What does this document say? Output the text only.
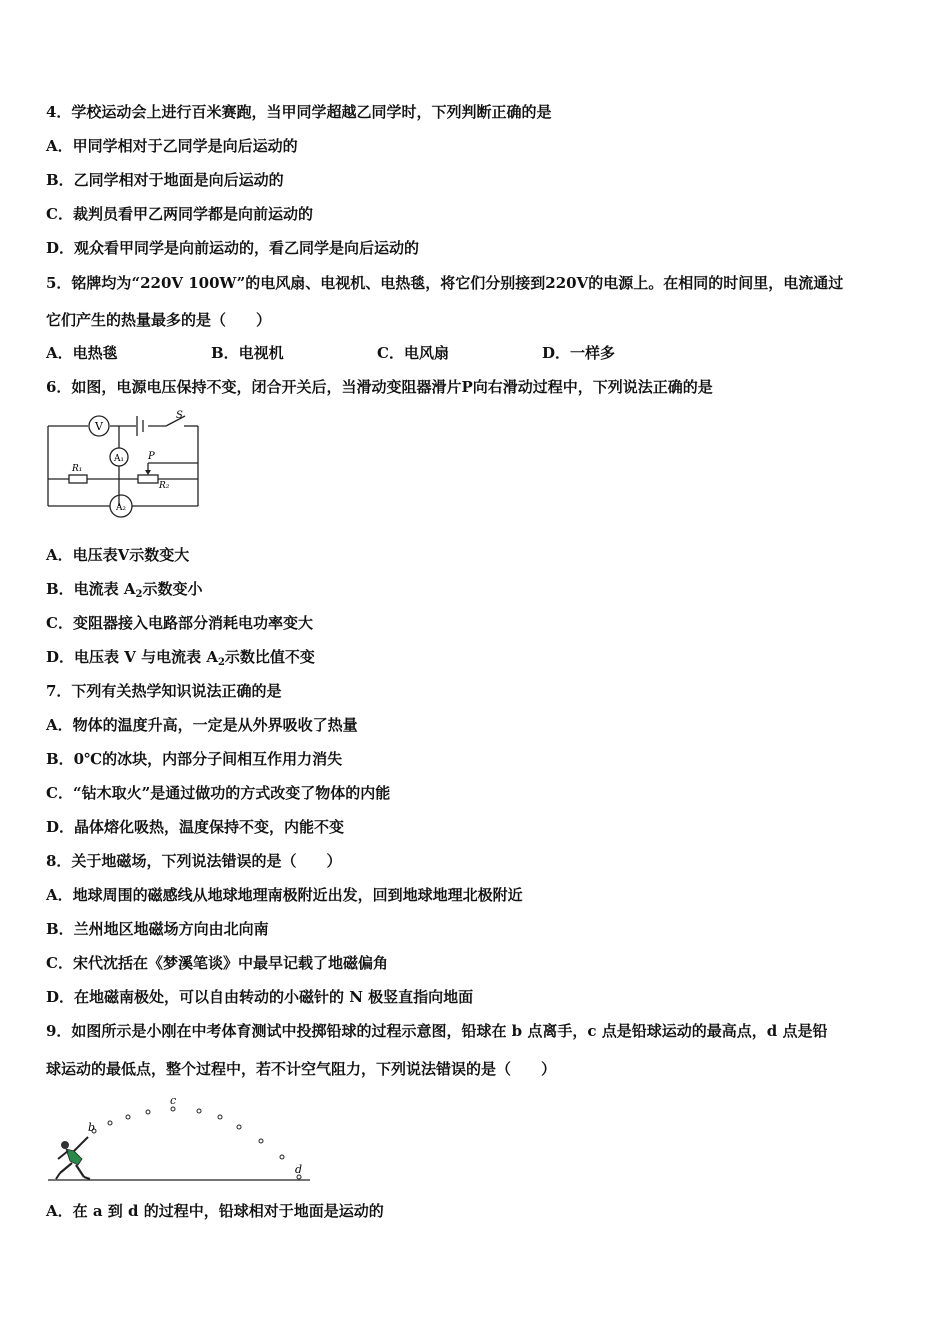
4．学校运动会上进行百米赛跑，当甲同学超越乙同学时，下列判断正确的是
A．甲同学相对于乙同学是向后运动的
B．乙同学相对于地面是向后运动的
C．裁判员看甲乙两同学都是向前运动的
D．观众看甲同学是向前运动的，看乙同学是向后运动的
5．铭牌均为“220V 100W”的电风扇、电视机、电热毯，将它们分别接到220V的电源上。在相同的时间里，电流通过
它们产生的热量最多的是（　　）
A．电热毯	B．电视机	C．电风扇	D．一样多
6．如图，电源电压保持不变，闭合开关后，当滑动变阻器滑片P向右滑动过程中，下列说法正确的是
V
S
A₁ P
R₁
R₂
A₂
A．电压表V示数变大
B．电流表 $A_2$示数变小
C．变阻器接入电路部分消耗电功率变大
D．电压表 V 与电流表 $A_2$示数比值不变
7．下列有关热学知识说法正确的是
A．物体的温度升高，一定是从外界吸收了热量
B．0℃的冰块，内部分子间相互作用力消失
C．“钻木取火”是通过做功的方式改变了物体的内能
D．晶体熔化吸热，温度保持不变，内能不变
8．关于地磁场，下列说法错误的是（　　）
A．地球周围的磁感线从地球地理南极附近出发，回到地球地理北极附近
B．兰州地区地磁场方向由北向南
C．宋代沈括在《梦溪笔谈》中最早记载了地磁偏角
D．在地磁南极处，可以自由转动的小磁针的 N 极竖直指向地面
9．如图所示是小刚在中考体育测试中投掷铅球的过程示意图，铅球在 b 点离手，c 点是铅球运动的最高点，d 点是铅
球运动的最低点，整个过程中，若不计空气阻力，下列说法错误的是（　　）
b
c
d
A．在 a 到 d 的过程中，铅球相对于地面是运动的
